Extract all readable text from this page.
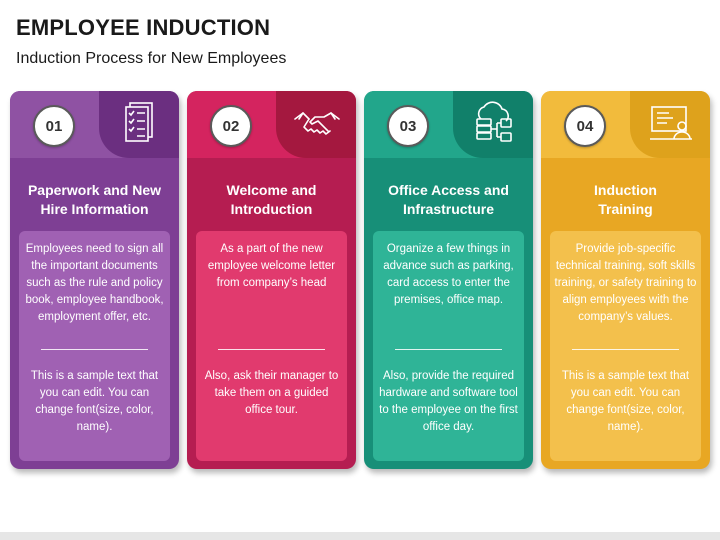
EMPLOYEE INDUCTION
Induction Process for New Employees
01
Paperwork and New Hire Information
Employees need to sign all the important documents such as the rule and policy book, employee handbook, employment offer, etc.
This is a sample text that you can edit. You can change font(size, color, name).
02
Welcome and Introduction
As a part of the new employee welcome letter from company’s head
Also, ask their manager to take them on a guided office tour.
03
Office Access and Infrastructure
Organize a few things in advance such as parking, card access to enter the premises, office map.
Also, provide the required hardware and software tool to the employee on the first office day.
04
Induction Training
Provide job-specific technical training, soft skills training, or safety training to align employees with the company’s values.
This is a sample text that you can edit. You can change font(size, color, name).
